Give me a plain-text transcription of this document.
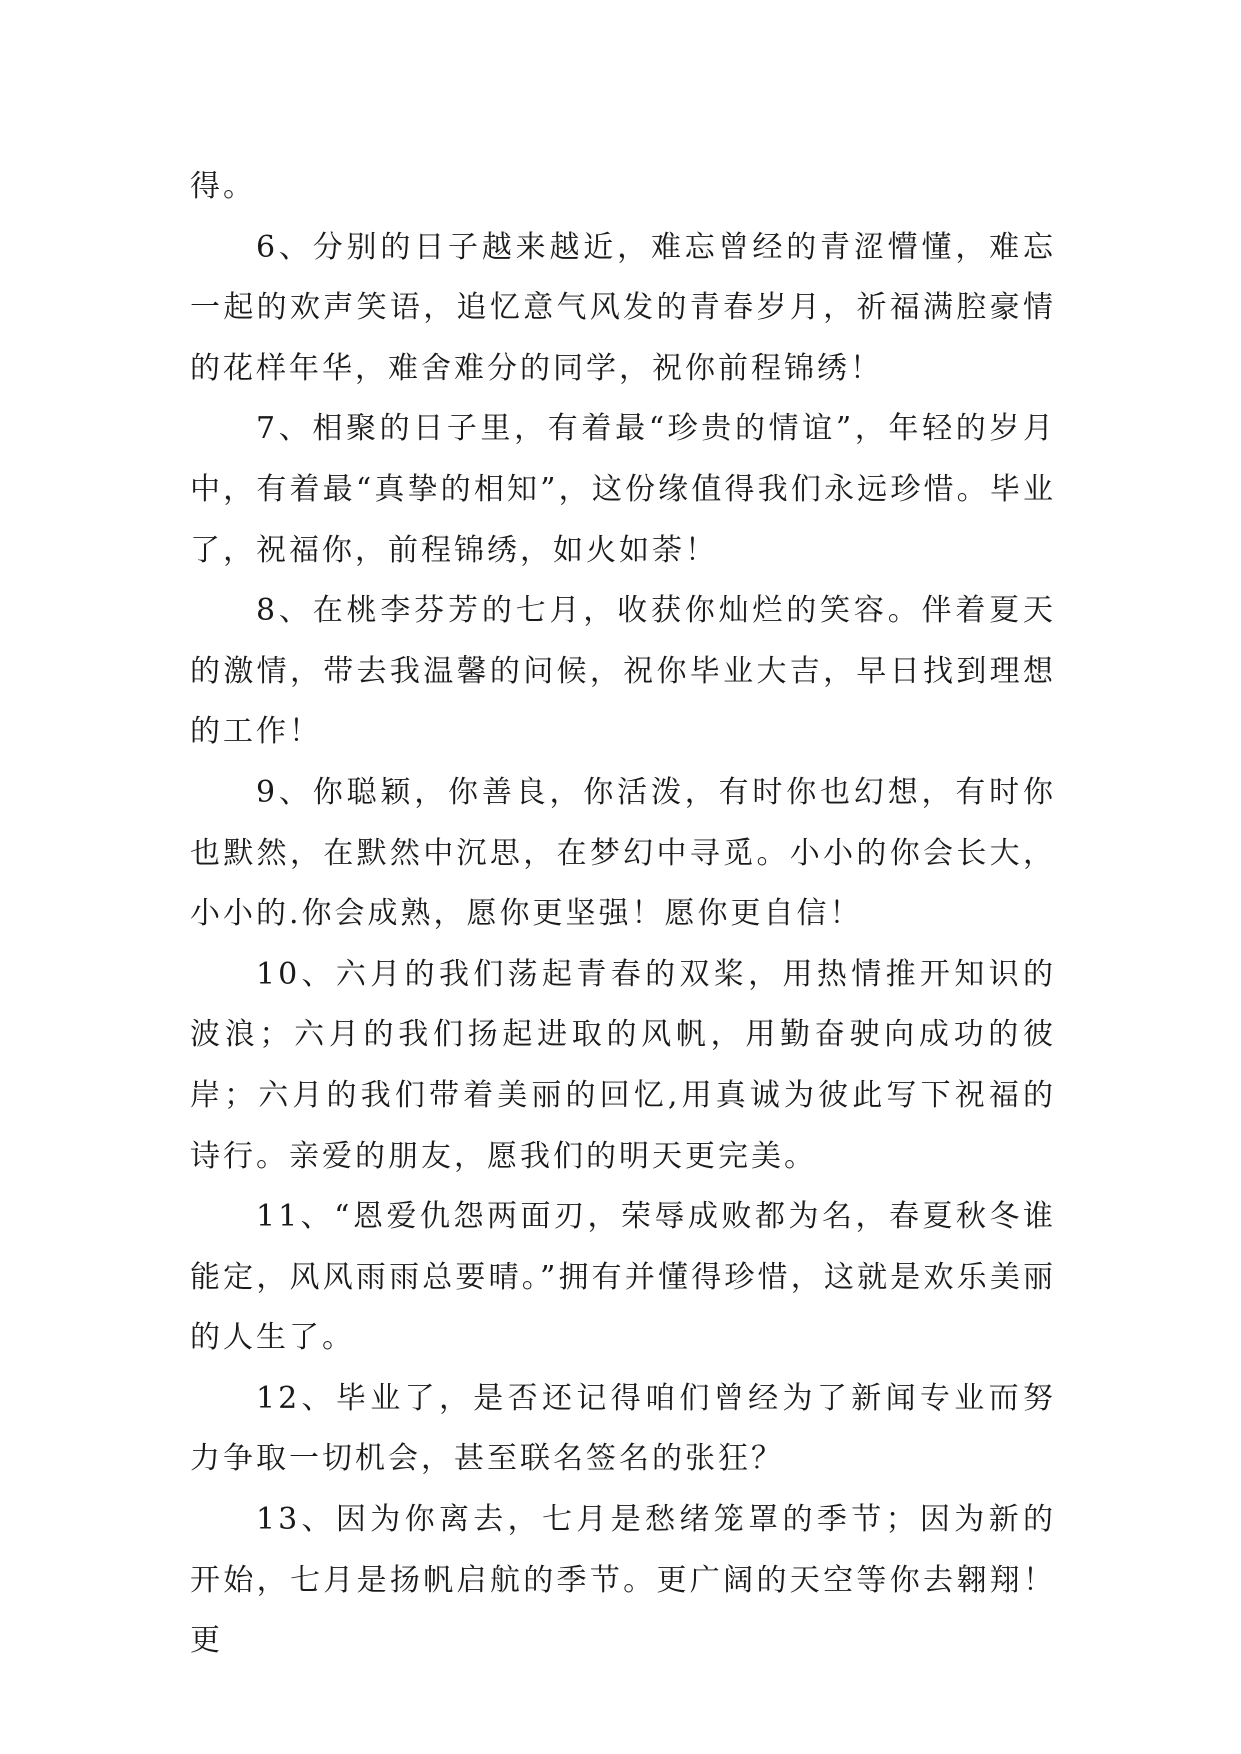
得。

6、分别的日子越来越近，难忘曾经的青涩懵懂，难忘一起的欢声笑语，追忆意气风发的青春岁月，祈福满腔豪情的花样年华，难舍难分的同学，祝你前程锦绣！

7、相聚的日子里，有着最“珍贵的情谊”，年轻的岁月中，有着最“真挚的相知”，这份缘值得我们永远珍惜。毕业了，祝福你，前程锦绣，如火如荼！

8、在桃李芬芳的七月，收获你灿烂的笑容。伴着夏天的激情，带去我温馨的问候，祝你毕业大吉，早日找到理想的工作！

9、你聪颖，你善良，你活泼，有时你也幻想，有时你也默然，在默然中沉思，在梦幻中寻觅。小小的你会长大，小小的.你会成熟，愿你更坚强！愿你更自信！

10、六月的我们荡起青春的双桨，用热情推开知识的波浪；六月的我们扬起进取的风帆，用勤奋驶向成功的彼岸；六月的我们带着美丽的回忆,用真诚为彼此写下祝福的诗行。亲爱的朋友，愿我们的明天更完美。

11、“恩爱仇怨两面刃，荣辱成败都为名，春夏秋冬谁能定，风风雨雨总要晴。”拥有并懂得珍惜，这就是欢乐美丽的人生了。

12、毕业了，是否还记得咱们曾经为了新闻专业而努力争取一切机会，甚至联名签名的张狂？

13、因为你离去，七月是愁绪笼罩的季节；因为新的开始，七月是扬帆启航的季节。更广阔的天空等你去翱翔！更
